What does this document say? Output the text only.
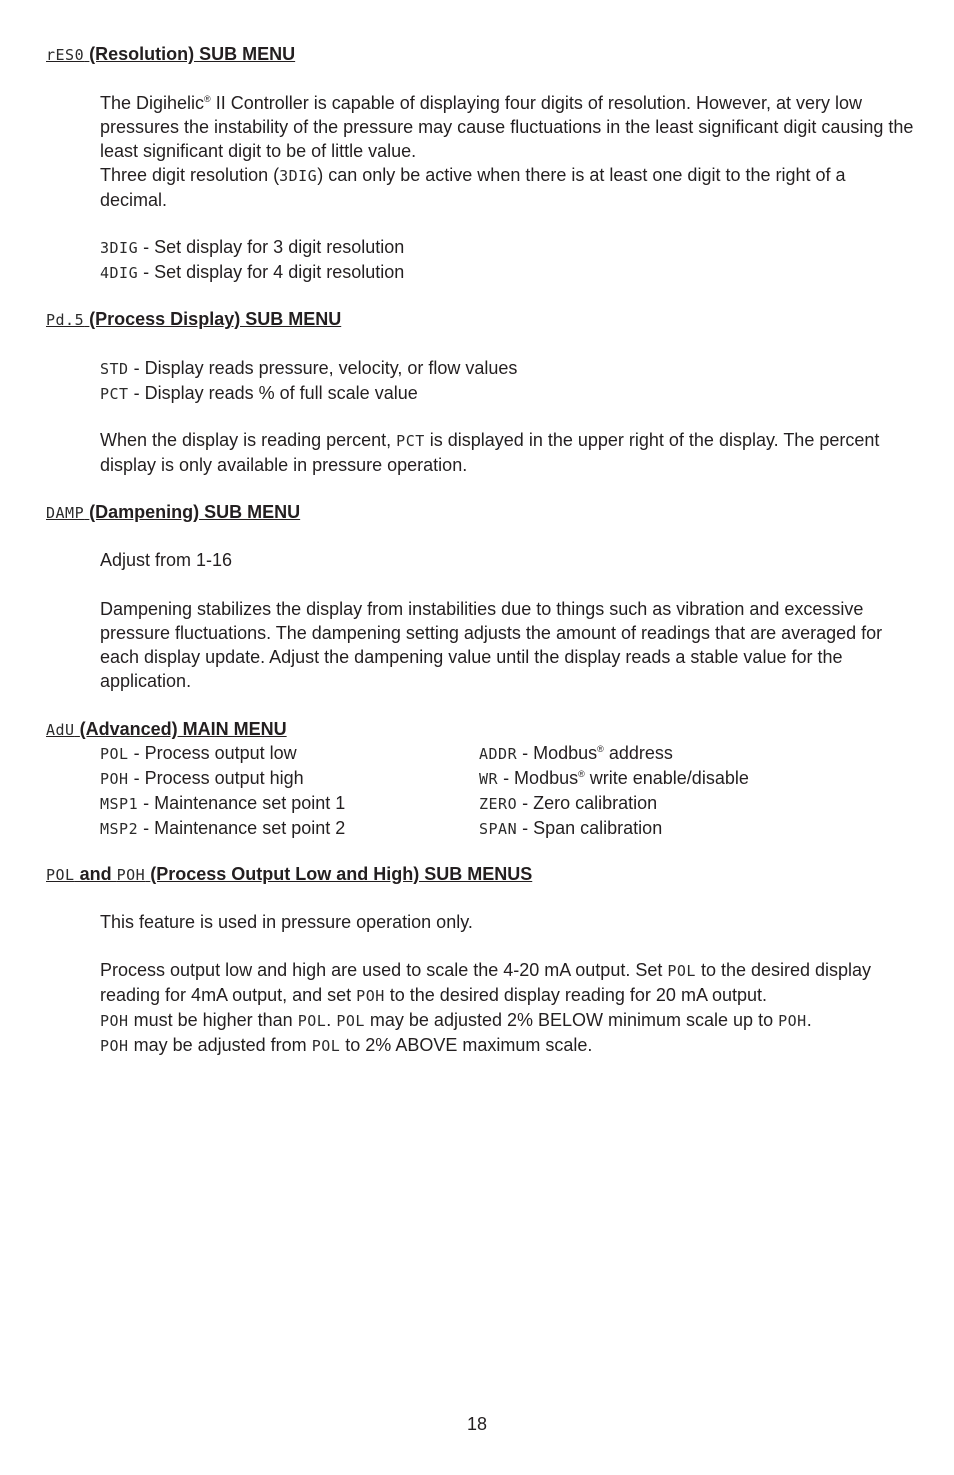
rES0 (Resolution) SUB MENU

The Digihelic® II Controller is capable of displaying four digits of resolution. However, at very low pressures the instability of the pressure may cause fluctuations in the least significant digit causing the least significant digit to be of little value.

Three digit resolution (3DIG) can only be active when there is at least one digit to the right of a decimal.

3DIG - Set display for 3 digit resolution

4DIG - Set display for 4 digit resolution

Pd.5 (Process Display) SUB MENU

STD - Display reads pressure, velocity, or flow values

PCT - Display reads % of full scale value

When the display is reading percent, PCT is displayed in the upper right of the display. The percent display is only available in pressure operation.

DAMP (Dampening) SUB MENU

Adjust from 1-16

Dampening stabilizes the display from instabilities due to things such as vibration and excessive pressure fluctuations. The dampening setting adjusts the amount of readings that are averaged for each display update. Adjust the dampening value until the display reads a stable value for the application.

AdU (Advanced) MAIN MENU

POL - Process output low

POH - Process output high

MSP1 - Maintenance set point 1

MSP2 - Maintenance set point 2

ADDR - Modbus® address

WR - Modbus® write enable/disable

ZERO - Zero calibration

SPAN - Span calibration

POL and POH (Process Output Low and High) SUB MENUS

This feature is used in pressure operation only.

Process output low and high are used to scale the 4-20 mA output. Set POL to the desired display reading for 4mA output, and set POH to the desired display reading for 20 mA output.
POH must be higher than POL. POL may be adjusted 2% BELOW minimum scale up to POH.
POH may be adjusted from POL to 2% ABOVE maximum scale.

18
